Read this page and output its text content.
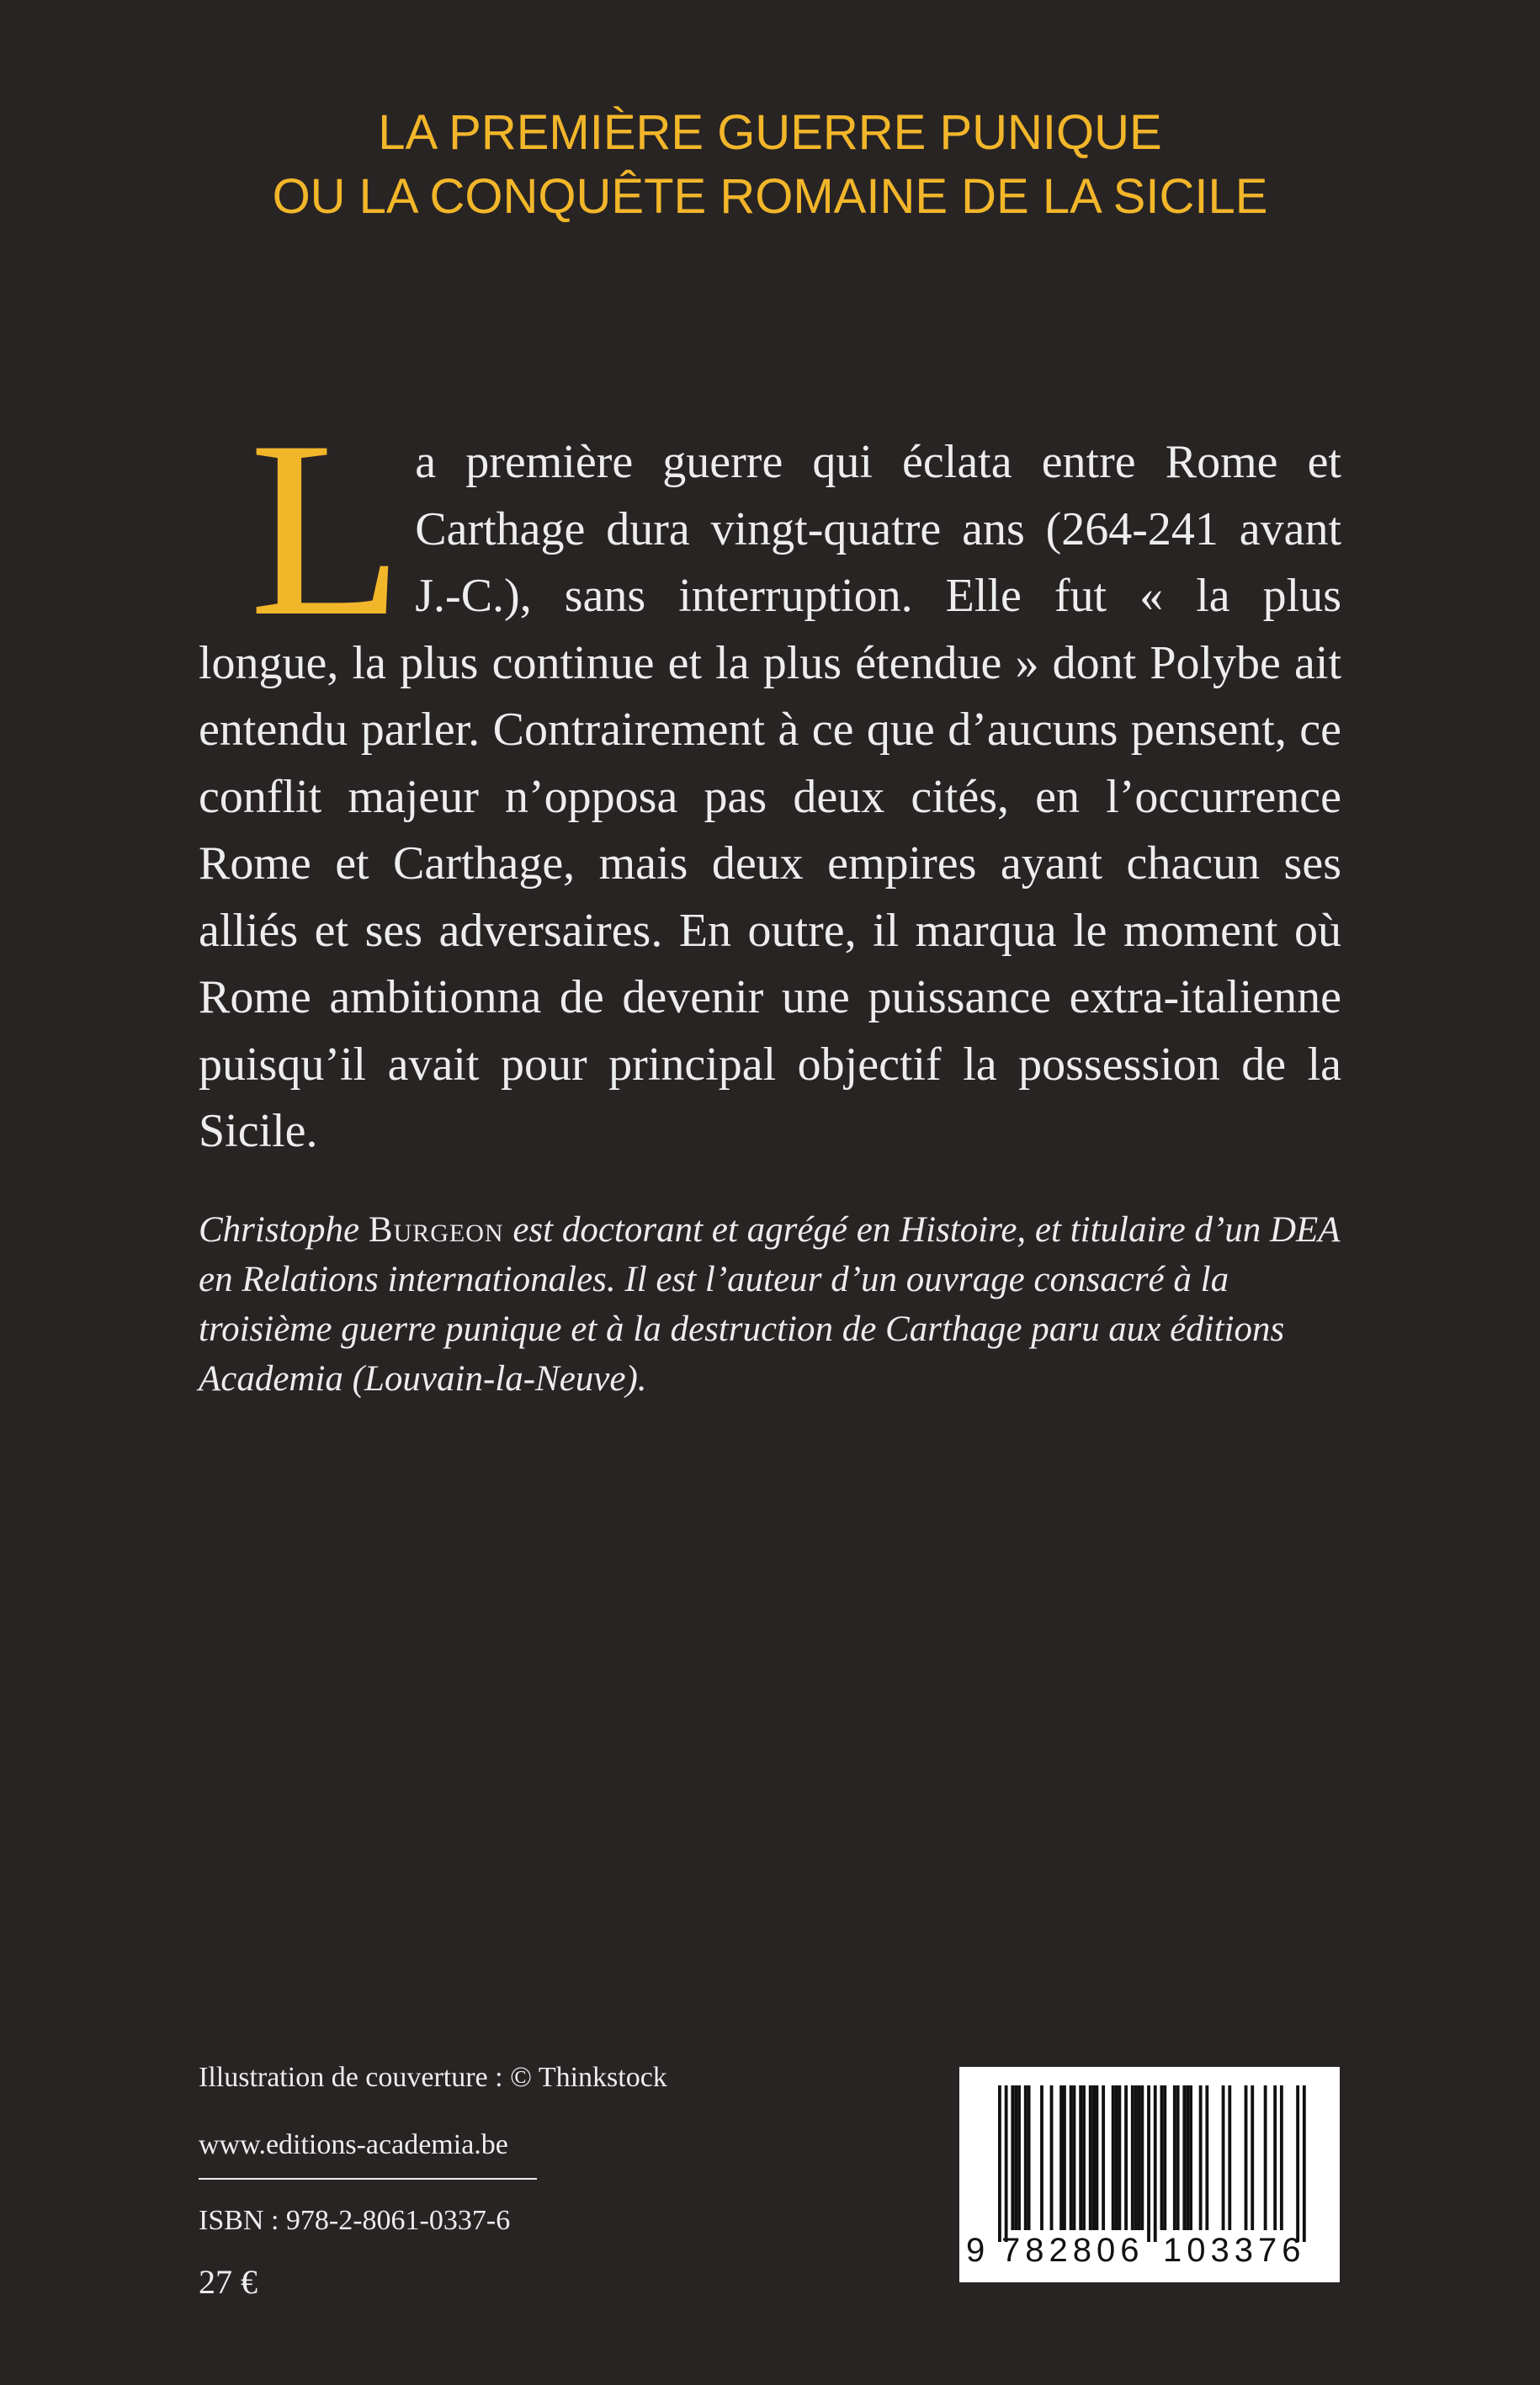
LA PREMIÈRE GUERRE PUNIQUE
OU LA CONQUÊTE ROMAINE DE LA SICILE
La première guerre qui éclata entre Rome et Carthage dura vingt-quatre ans (264-241 avant J.-C.), sans interruption. Elle fut « la plus longue, la plus continue et la plus étendue » dont Polybe ait entendu parler. Contrairement à ce que d’aucuns pensent, ce conflit majeur n’opposa pas deux cités, en l’occurrence Rome et Carthage, mais deux empires ayant chacun ses alliés et ses adversaires. En outre, il marqua le moment où Rome ambitionna de devenir une puissance extra-italienne puisqu’il avait pour principal objectif la possession de la Sicile.
Christophe Burgeon est doctorant et agrégé en Histoire, et titulaire d’un DEA en Relations internationales. Il est l’auteur d’un ouvrage consacré à la troisième guerre punique et à la destruction de Carthage paru aux éditions Academia (Louvain-la-Neuve).
Illustration de couverture : © Thinkstock
www.editions-academia.be
ISBN : 978-2-8061-0337-6
27 €
9 782806 103376
